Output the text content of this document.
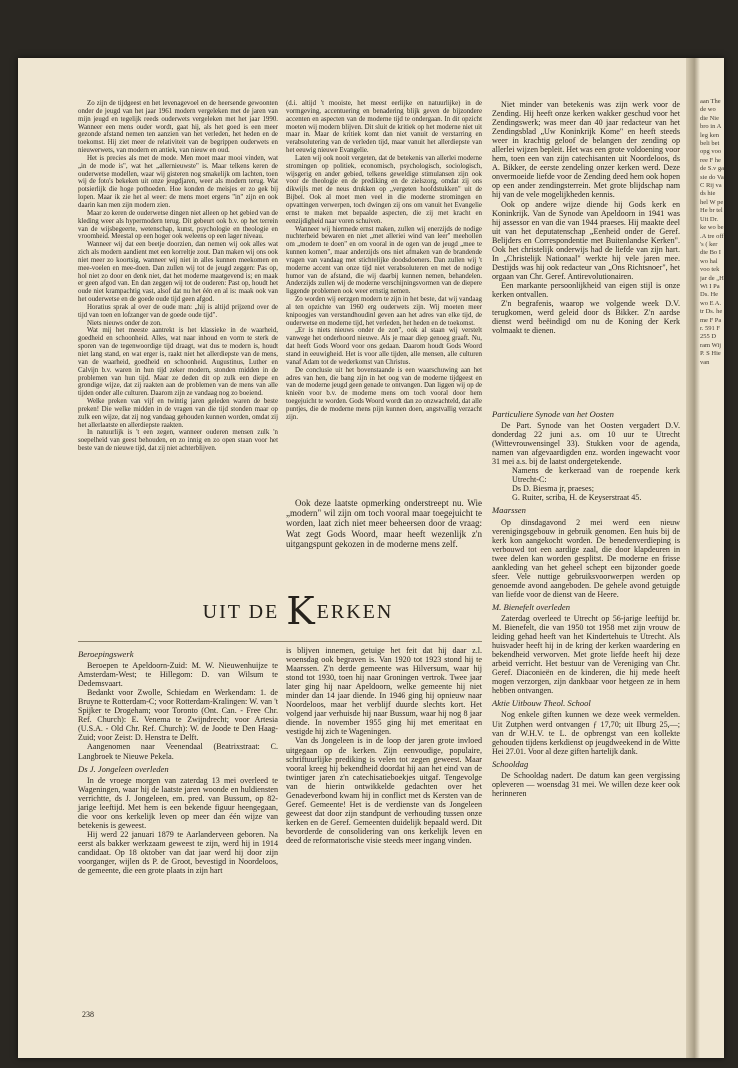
Zo zijn de tijdgeest en het levenagevoel en de heersende gewoonten onder de jeugd van het jaar 1961 modern vergeleken met de jaren van mijn jeugd en tegelijk reeds ouderwets vergeleken met het jaar 1990. Wanneer een mens ouder wordt, gaat hij, als het goed is een meer gezonde afstand nemen ten aanzien van het verleden, het heden en de toekomst. Hij ziet meer de relativiteit van de begrippen ouderwets en nieuwerwets, van modern en antiek, van nieuw en oud.

Het is precies als met de mode. Men moet maar mooi vinden, wat „in de mode is", wat het „allernieuwste" is. Maar telkens keren de ouderwetse modellen, waar wij gisteren nog smakelijk om lachten, toen wij de foto's bekeken uit onze jeugdjaren, weer als modern terug. Wat potsierlijk die hoge pothoeden. Hoe konden de meisjes er zo gek bij lopen. Maar ik zie het al weer: de mens moet ergens "in" zijn en ook daarin kan men zijn modern zien.

Maar zo keren de ouderwetse dingen niet alleen op het gebied van de kleding weer als hypermodern terug. Dit gebeurt ook b.v. op het terrein van de wijsbegeerte, wetenschap, kunst, psychologie en theologie en vroomheid. Meestal op een hoger ook weleens op een lager niveau.

Wanneer wij dat een beetje doorzien, dan nemen wij ook alles wat zich als modern aandient met een korreltje zout. Dan maken wij ons ook niet meer zo koortsig, wanneer wij niet in alles kunnen meekomen en mee-voelen en mee-doen. Dan zullen wij tot de jeugd zeggen: Pas op, hol niet zo door en denk niet, dat het moderne maatgevend is; en maak er geen afgod van. En dan zeggen wij tot de ouderen: Past op, houdt het oude niet krampachtig vast, alsof dat nu het één en al is: maak ook van het ouderwetse en de goede oude tijd geen afgod.

Horatius sprak al over de oude man: „hij is altijd prijzend over de tijd van toen en lofzanger van de goede oude tijd".

Niets nieuws onder de zon.

Wat mij het meeste aantrekt is het klassieke in de waarheid, goedheid en schoonheid. Alles, wat naar inhoud en vorm te sterk de sporen van de tegenwoordige tijd draagt, wat dus te modern is, houdt niet lang stand, en wat erger is, raakt niet het allerdiepste van de mens, van de waarheid, goedheid en schoonheid. Augustinus, Luther en Calvijn b.v. waren in hun tijd zeker modern, stonden midden in de problemen van hun tijd. Maar ze deden dit op zulk een diepe en grondige wijze, dat zij raakten aan de problemen van de mens van alle tijden onder alle culturen. Daarom zijn ze vandaag nog zo boeiend.

Welke preken van vijf en twintig jaren geleden waren de beste preken! Die welke midden in de vragen van die tijd stonden maar op zulk een wijze, dat zij nog vandaag gehouden kunnen worden, omdat zij het allerlaatste en allerdiepste raakten.

In natuurlijk is 't een zegen, wanneer ouderen mensen zulk 'n soepelheid van geest behouden, en zo innig en zo open staan voor het beste van de nieuwe tijd, dat zij niet achterblijven.

(d.i. altijd 't mooiste, het meest eerlijke en natuurlijke) in de vormgeving, accentuering en benadering blijk geven de bijzondere accenten en aspecten van de moderne tijd te ondergaan. In dit opzicht moeten wij modern blijven. Dit sluit de kritiek op het moderne niet uit maar in. Maar de kritiek komt dan niet vanuit de verstarring en verabsolutering van de verleden tijd, maar vanuit het allerdiepste van het eeuwig nieuwe Evangelie.

Laten wij ook nooit vergeten, dat de betekenis van allerlei moderne stromingen op politiek, economisch, psychologisch, sociologisch, wijsgerig en ander gebied, telkens geweldige stimulansen zijn ook voor de theologie en de prediking en de zielszorg, omdat zij ons dikwijls met de neus drukken op „vergeten hoofdstukken" uit de Bijbel. Ook al moet men veel in die moderne stromingen en opvattingen verwerpen, toch dwingen zij ons om vanuit het Evangelie ernst te maken met bepaalde aspecten, die zij met kracht en eenzijdigheid naar voren schuiven.

Wanneer wij hiermede ernst maken, zullen wij enerzijds de nodige nuchterheid bewaren en niet „met alleriei wind van leer" meehollen om „modern te doen" en om vooral in de ogen van de jeugd „mee te kunnen komen", maar anderzijds ons niet afmaken van de brandende vragen van vandaag met stichtelijke doodsdoeners. Dan zullen wij 't moderne accent van onze tijd niet verabsoluteren en met de nodige humor van de afstand, die wij daarbij kunnen nemen, behandelen. Anderzijds zullen wij de moderne verschijningsvormen van de diepere liggende problemen ook weer ernstig nemen.

Zo worden wij eerzgen modern te zijn in het beste, dat wij vandaag al ten opzichte van 1960 erg ouderwets zijn. Wij moeten meer knipoogjes van verstandhoudinl geven aan het adres van elke tijd, de ouderwetse en moderne tijd, het verleden, het heden en de toekomst.

„Er is niets nieuws onder de zon", ook al staan wij verstelt vanwege het onderhoord nieuwe. Als je maar diep genoeg graaft. Nu, dat heeft Gods Woord voor ons gedaan. Daarom houdt Gods Woord stand in eeuwigheid. Het is voor alle tijden, alle mensen, alle culturen vanaf Adam tot de wederkomst van Christus.

De conclusie uit het bovenstaande is een waarschuwing aan het adres van hen, die bang zijn in het oog van de moderne tijdgeest en van de moderne jeugd geen genade te ontvangen. Dan liggen wij op de knieën voor b.v. de moderne mens om toch vooral door hem toegejuicht te worden. Gods Woord wordt dan zo onzwachteld, dat alle puntjes, die de moderne mens pijn kunnen doen, angstvallig verzacht zijn.

Ook deze laatste opmerking onderstreept nu. Wie „modern" wil zijn om toch vooral maar toegejuicht te worden, laat zich niet meer beheersen door de vraag: Wat zegt Gods Woord, maar heeft wezenlijk z'n uitgangspunt gekozen in de moderne mens zelf.

Niet minder van betekenis was zijn werk voor de Zending. Hij heeft onze kerken wakker geschud voor het Zendingswerk; was meer dan 40 jaar redacteur van het Zendingsblad „Uw Koninkrijk Kome" en heeft steeds weer in krachtig geloof de belangen der zending op allerlei wijzen bepleit. Het was een grote voldoening voor hem, toen een van zijn catechisanten uit Noordeloos, ds A. Bikker, de eerste zendeling onzer kerken werd. Deze onvermoeide liefde voor de Zending deed hem ook hopen op een ander zendingsterrein. Met grote blijdschap nam hij van de vele mogelijkheden kennis.

Ook op andere wijze diende hij Gods kerk en Koninkrijk. Van de Synode van Apeldoorn in 1941 was hij assessor en van die van 1944 praeses. Hij maakte deel uit van het deputatenschap „Eenheid onder de Geref. Belijders en Correspondentie met Buitenlandse Kerken". Ook het christelijk onderwijs had de liefde van zijn hart. In „Christelijk Nationaal" werkte hij vele jaren mee. Destijds was hij ook redacteur van „Ons Richtsnoer", het orgaan van Chr. Geref. Antirevolutionairen.

Een markante persoonlijkheid van eigen stijl is onze kerken ontvallen.

Z'n begrafenis, waarop we volgende week D.V. terugkomen, werd geleid door ds Bikker. Z'n aardse dienst werd beëindigd om nu de Koning der Kerk volmaakt te dienen.

UIT DE KERKEN
Beroepingswerk

Beroepen te Apeldoorn-Zuid: M. W. Nieuwenhuijze te Amsterdam-West; te Hillegom: D. van Wilsum te Dedemsvaart.

Bedankt voor Zwolle, Schiedam en Werkendam: 1. de Bruyne te Rotterdam-C; voor Rotterdam-Kralingen: W. van 't Spijker te Drogeham; voor Toronto (Ont. Can. - Free Chr. Ref. Church): E. Venema te Zwijndrecht; voor Artesia (U.S.A. - Old Chr. Ref. Church): W. de Joode te Den Haag-Zuid; voor Zeist: D. Henstra te Delft.

Aangenomen naar Veenendaal (Beatrixstraat: C. Langbroek te Nieuwe Pekela.

Ds J. Jongeleen overleden

In de vroege morgen van zaterdag 13 mei overleed te Wageningen, waar hij de laatste jaren woonde en huldiensten verrichtte, ds J. Jongeleen, em. pred. van Bussum, op 82-jarige leeftijd. Met hem is een bekende figuur heengegaan, die voor ons kerkelijk leven op meer dan één wijze van betekenis is geweest.

Hij werd 22 januari 1879 te Aarlanderveen geboren. Na eerst als bakker werkzaam geweest te zijn, werd hij in 1914 candidaat. Op 18 oktober van dat jaar werd hij door zijn voorganger, wijlen ds P. de Groot, bevestigd in Noordeloos, de gemeente, die een grote plaats in zijn hart

is blijven innemen, getuige het feit dat hij daar z.l. woensdag ook begraven is. Van 1920 tot 1923 stond hij te Maarssen. Z'n derde gemeente was Hilversum, waar hij stond tot 1930, toen hij naar Groningen vertrok. Twee jaar later ging hij naar Apeldoorn, welke gemeente hij niet minder dan 14 jaar diende. In 1946 ging hij opnieuw naar Noordeloos, maar het verblijf duurde slechts kort. Het volgend jaar verhuisde hij naar Bussum, waar hij nog 8 jaar diende. In november 1955 ging hij met emeritaat en vestigde hij zich te Wageningen.

Van ds Jongeleen is in de loop der jaren grote invloed uitgegaan op de kerken. Zijn eenvoudige, populaire, schriftuurlijke prediking is velen tot zegen geweest. Maar vooral kreeg hij bekendheid doordat hij aan het eind van de twintiger jaren z'n catechisatieboekjes uitgaf. Tengevolge van de hierin ontwikkelde gedachten over het Genadeverbond kwam hij in conflict met ds Kersten van de Geref. Gemeente! Het is de verdienste van ds Jongeleen geweest dat door zijn standpunt de verhouding tussen onze kerken en de Geref. Gemeenten duidelijk bepaald werd. Dit bevorderde de consolidering van ons kerkelijk leven en deed de reformatorische visie steeds meer ingang vinden.

Particuliere Synode van het Oosten

De Part. Synode van het Oosten vergadert D.V. donderdag 22 juni a.s. om 10 uur te Utrecht (Wittevrouwensingel 33). Stukken voor de agenda, namen van afgevaardigden enz. worden ingewacht voor 31 mei a.s. bij de laatst ondergetekende.

Namens de kerkeraad van de roepende kerk Utrecht-C:

Ds D. Biesma jr, praeses;

G. Ruiter, scriba, H. de Keyserstraat 45.

Maarssen

Op dinsdagavond 2 mei werd een nieuw verenigingsgebouw in gebruik genomen. Een huis bij de kerk kon aangekocht worden. De benedenverdieping is verbouwd tot een aardige zaal, die door klapdeuren in twee delen kan worden gesplitst. De moderne en frisse aankleding van het geheel schept een bijzonder goede sfeer. Vele nuttige gebruiksvoorwerpen werden op genoemde avond aangeboden. De gehele avond getuigde van liefde voor de dienst van de Heere.

M. Bienefelt overleden

Zaterdag overleed te Utrecht op 56-jarige leeftijd br. M. Bienefelt, die van 1950 tot 1958 met zijn vrouw de leiding gehad heeft van het Kindertehuis te Utrecht. Als huisvader heeft hij in de kring der kerken waardering en bekendheid verworven. Met grote liefde heeft hij deze arbeid verricht. Het bestuur van de Vereniging van Chr. Geref. Diaconieën en de kinderen, die hij mede heeft mogen verzorgen, zijn dankbaar voor hetgeen ze in hem hebben ontvangen.

Aktie Uitbouw Theol. School

Nog enkele giften kunnen we deze week vermelden. Uit Zutphen werd ontvangen ƒ 17,70; uit Ilburg 25,—; van dr W.H.V. te L. de opbrengst van een kollekte gehouden tijdens kerkdienst op jeugdweekend in de Witte Hei 27.01. Voor al deze giften hartelijk dank.

Schooldag

De Schooldag nadert. De datum kan geen vergissing opleveren — woensdag 31 mei. We willen deze keer ook herinneren

238
aan The de wo die Nie bro in A leg ken beli bet opg voo ree F he de S.v ga sie do Va C Rij va ds hie hel W pe He br tel Uit Dr. ke wo be .A tre off 's ( ker die Bo I wo hal voo tek jar de „H Wi I Pa Ds. He wo E A. tr Ds. he me F Pa r. 591 F 255 D ram Wij P. S Hie van
